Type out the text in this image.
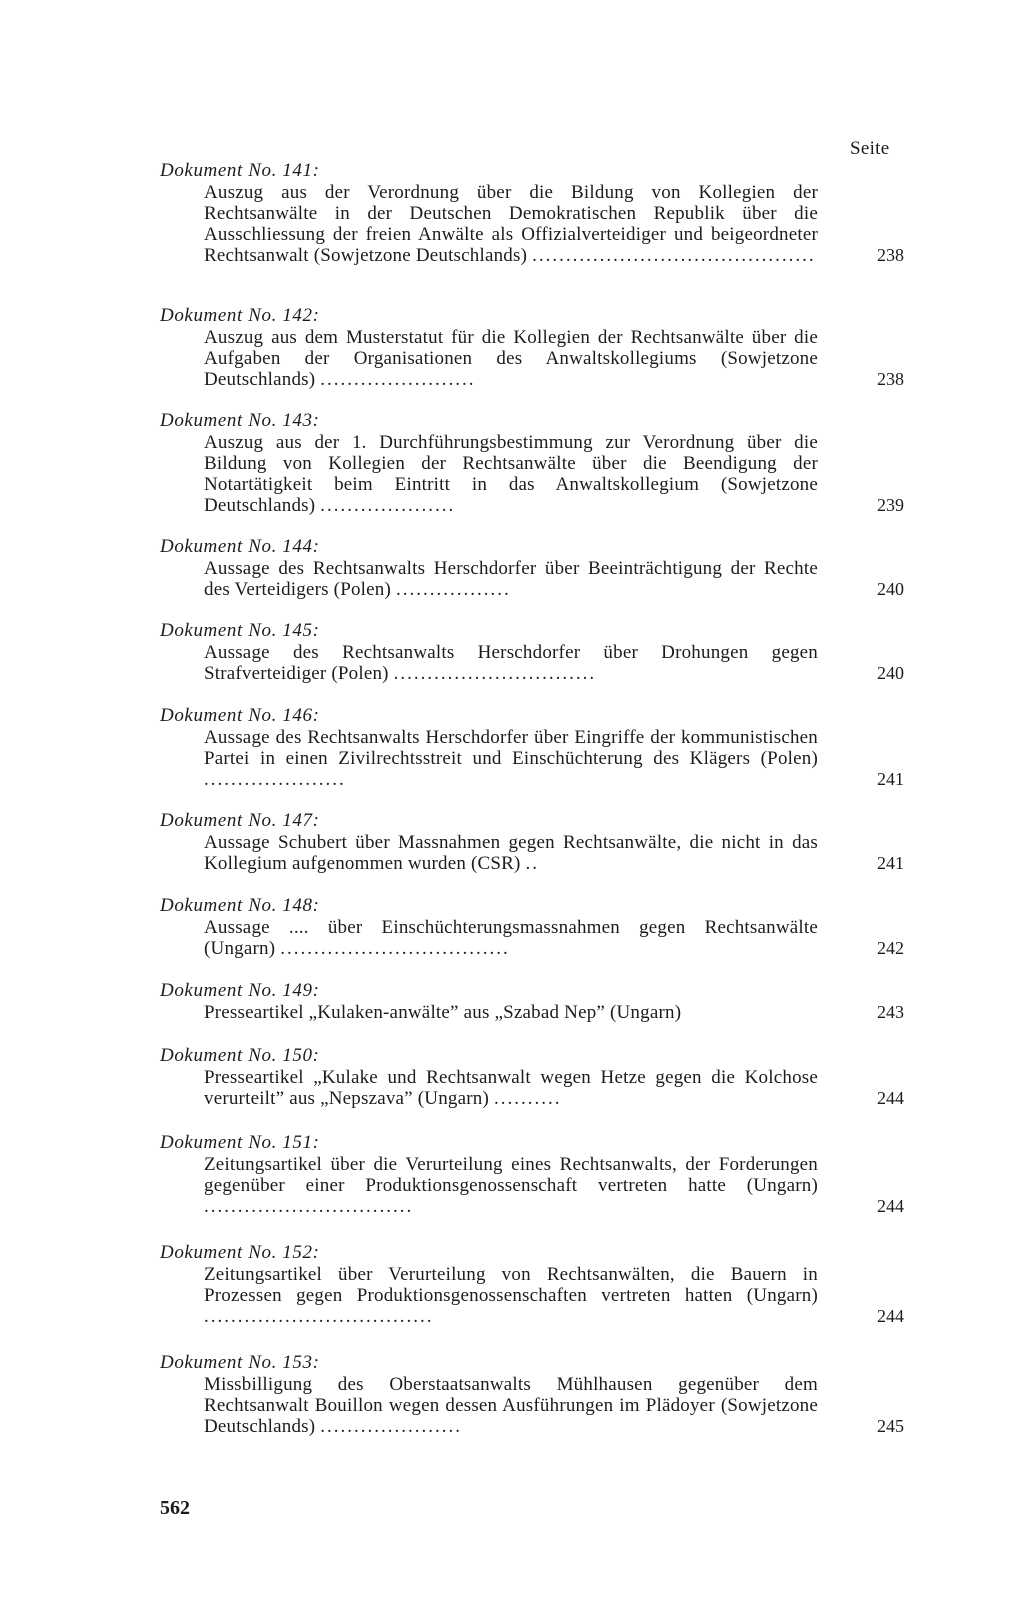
Seite
Dokument No. 141:
Auszug aus der Verordnung über die Bildung von Kollegien der Rechtsanwälte in der Deutschen Demokratischen Republik über die Ausschliessung der freien Anwälte als Offizialverteidiger und beigeordneter Rechtsanwalt (Sowjetzone Deutschlands) ..........................................	238
Dokument No. 142:
Auszug aus dem Musterstatut für die Kollegien der Rechtsanwälte über die Aufgaben der Organisationen des Anwaltskollegiums (Sowjetzone Deutschlands) .......................	238
Dokument No. 143:
Auszug aus der 1. Durchführungsbestimmung zur Verordnung über die Bildung von Kollegien der Rechtsanwälte über die Beendigung der Notartätigkeit beim Eintritt in das Anwaltskollegium (Sowjetzone Deutschlands) ....................	239
Dokument No. 144:
Aussage des Rechtsanwalts Herschdorfer über Beeinträchtigung der Rechte des Verteidigers (Polen) .................	240
Dokument No. 145:
Aussage des Rechtsanwalts Herschdorfer über Drohungen gegen Strafverteidiger (Polen) ..............................	240
Dokument No. 146:
Aussage des Rechtsanwalts Herschdorfer über Eingriffe der kommunistischen Partei in einen Zivilrechtsstreit und Einschüchterung des Klägers (Polen) .....................	241
Dokument No. 147:
Aussage Schubert über Massnahmen gegen Rechtsanwälte, die nicht in das Kollegium aufgenommen wurden (CSR) ..	241
Dokument No. 148:
Aussage .... über Einschüchterungsmassnahmen gegen Rechtsanwälte (Ungarn) ..................................	242
Dokument No. 149:
Presseartikel „Kulaken-anwälte” aus „Szabad Nep” (Ungarn)	243
Dokument No. 150:
Presseartikel „Kulake und Rechtsanwalt wegen Hetze gegen die Kolchose verurteilt” aus „Nepszava” (Ungarn) ..........	244
Dokument No. 151:
Zeitungsartikel über die Verurteilung eines Rechtsanwalts, der Forderungen gegenüber einer Produktionsgenossenschaft vertreten hatte (Ungarn) ...............................	244
Dokument No. 152:
Zeitungsartikel über Verurteilung von Rechtsanwälten, die Bauern in Prozessen gegen Produktionsgenossenschaften vertreten hatten (Ungarn) ..................................	244
Dokument No. 153:
Missbilligung des Oberstaatsanwalts Mühlhausen gegenüber dem Rechtsanwalt Bouillon wegen dessen Ausführungen im Plädoyer (Sowjetzone Deutschlands) .....................	245
562
